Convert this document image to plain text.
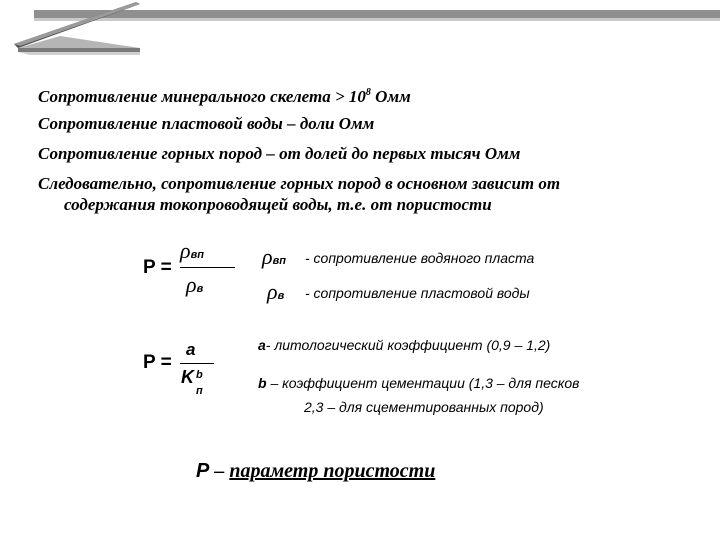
Сопротивление минерального скелета > $10^8$ Омм
Сопротивление пластовой воды – доли Омм
Сопротивление горных пород – от долей до первых тысяч Омм
Следовательно, сопротивление горных пород в основном зависит от
содержания токопроводящей воды, т.е. от пористости
P =
ρвп
ρв
ρвп - сопротивление водяного пласта
ρв - сопротивление пластовой воды
P =
a
K b
п
a- литологический коэффициент (0,9 – 1,2)
b – коэффициент цементации (1,3 – для песков
2,3 – для сцементированных пород)
P – параметр пористости
